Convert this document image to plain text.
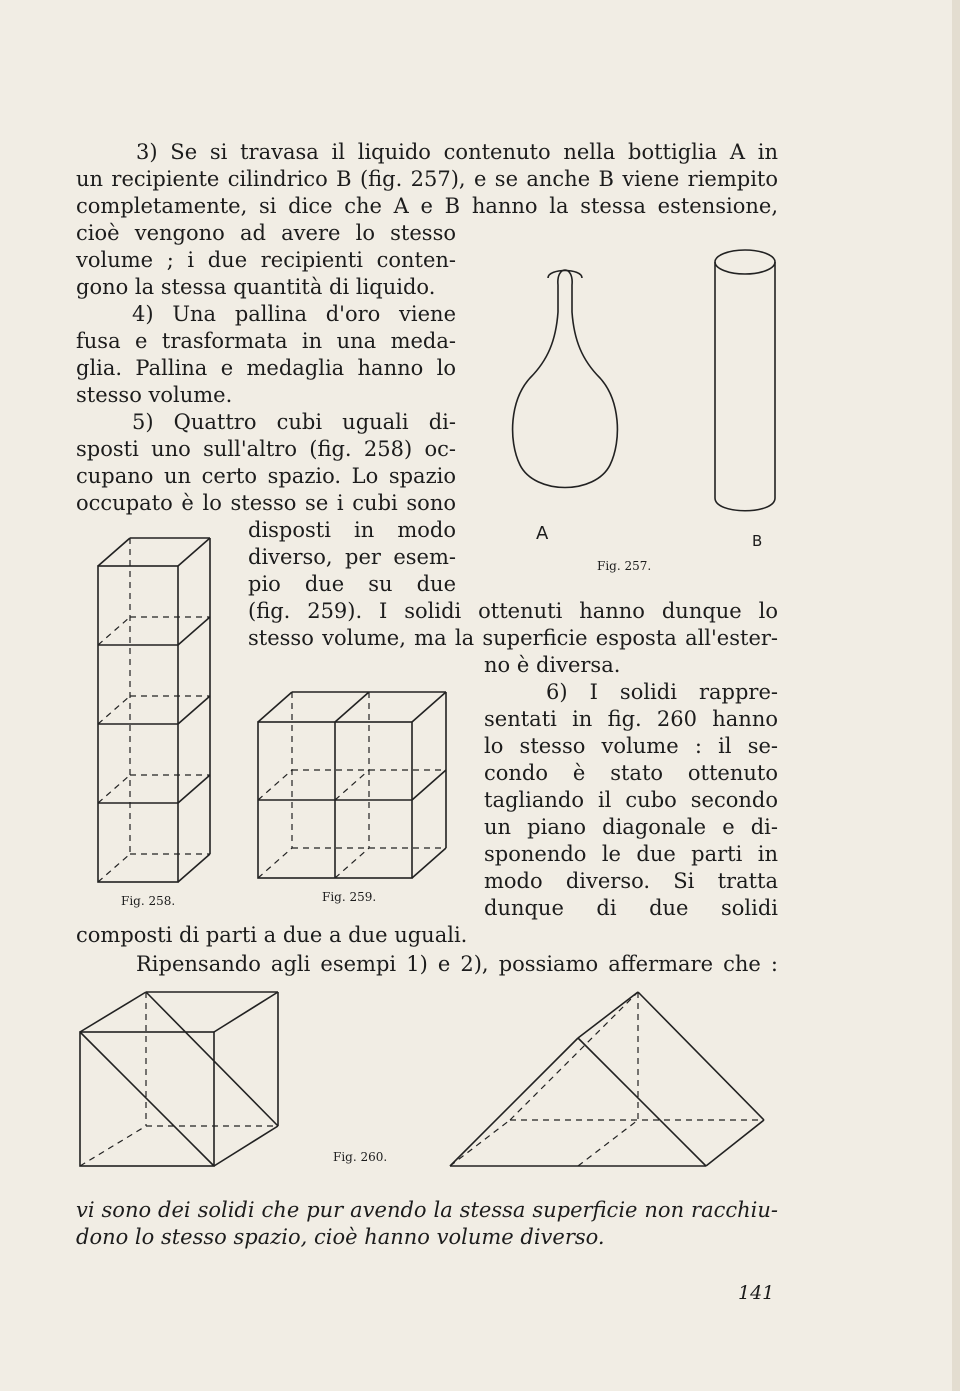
3) Se si travasa il liquido contenuto nella bottiglia A in
un recipiente cilindrico B (fig. 257), e se anche B viene riempito
completamente, si dice che A e B hanno la stessa estensione,
cioè vengono ad avere lo stesso
volume ; i due recipienti conten-
gono la stessa quantità di liquido.
4) Una pallina d'oro viene
fusa e trasformata in una meda-
glia. Pallina e medaglia hanno lo
stesso volume.
5) Quattro cubi uguali di-
sposti uno sull'altro (fig. 258) oc-
cupano un certo spazio. Lo spazio
occupato è lo stesso se i cubi sono
disposti in modo
diverso, per esem-
pio due su due
(fig. 259). I solidi ottenuti hanno dunque lo
stesso volume, ma la superficie esposta all'ester-
no è diversa.
6) I solidi rappre-
sentati in fig. 260 hanno
lo stesso volume : il se-
condo è stato ottenuto
tagliando il cubo secondo
un piano diagonale e di-
sponendo le due parti in
modo diverso. Si tratta
dunque di due solidi
composti di parti a due a due uguali.
Ripensando agli esempi 1) e 2), possiamo affermare che :
vi sono dei solidi che pur avendo la stessa superficie non racchiu-
dono lo stesso spazio, cioè hanno volume diverso.
A	B
Fig. 257.
Fig. 258.	Fig. 259.
Fig. 260.
141
